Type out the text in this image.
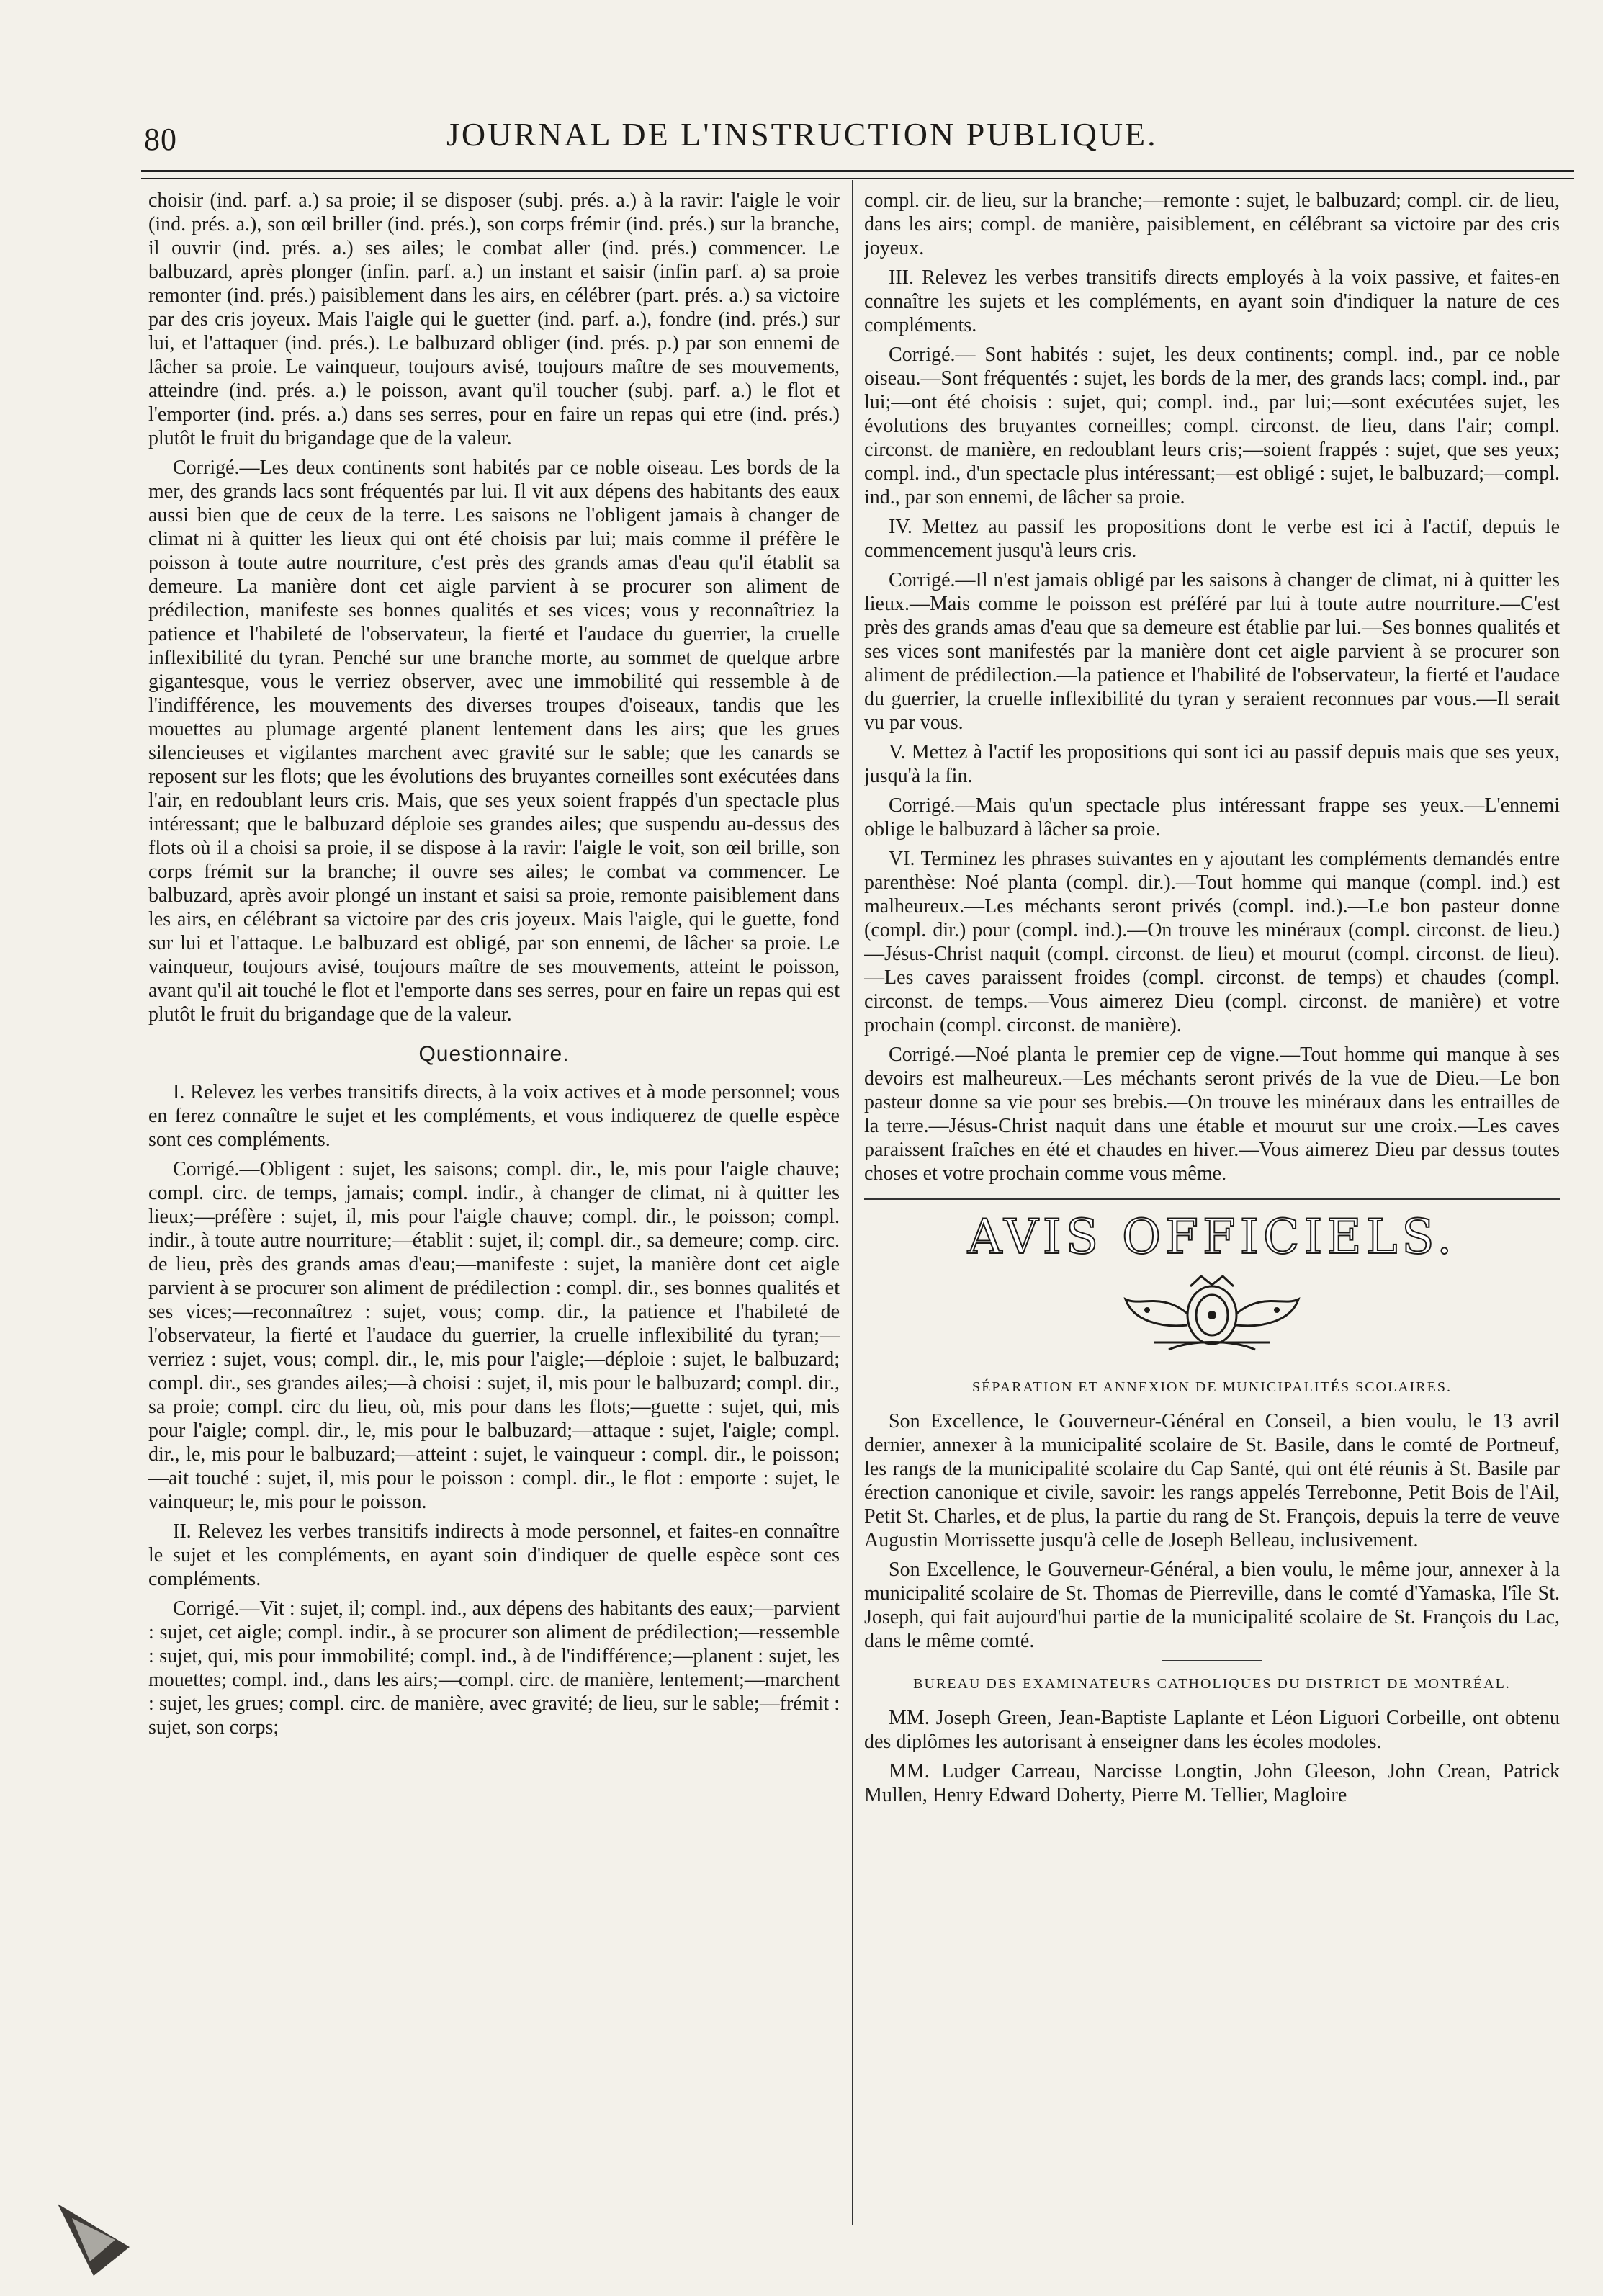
80	JOURNAL DE L'INSTRUCTION PUBLIQUE.

choisir (ind. parf. a.) sa proie; il se disposer (subj. prés. a.) à la ravir: l'aigle le voir (ind. prés. a.), son œil briller (ind. prés.), son corps frémir (ind. prés.) sur la branche, il ouvrir (ind. prés. a.) ses ailes; le combat aller (ind. prés.) commencer. Le balbuzard, après plonger (infin. parf. a.) un instant et saisir (infin parf. a) sa proie remonter (ind. prés.) paisiblement dans les airs, en célébrer (part. prés. a.) sa victoire par des cris joyeux. Mais l'aigle qui le guetter (ind. parf. a.), fondre (ind. prés.) sur lui, et l'attaquer (ind. prés.). Le balbuzard obliger (ind. prés. p.) par son ennemi de lâcher sa proie. Le vainqueur, toujours avisé, toujours maître de ses mouvements, atteindre (ind. prés. a.) le poisson, avant qu'il toucher (subj. parf. a.) le flot et l'emporter (ind. prés. a.) dans ses serres, pour en faire un repas qui etre (ind. prés.) plutôt le fruit du brigandage que de la valeur.

Corrigé.—Les deux continents sont habités par ce noble oiseau. Les bords de la mer, des grands lacs sont fréquentés par lui. Il vit aux dépens des habitants des eaux aussi bien que de ceux de la terre. Les saisons ne l'obligent jamais à changer de climat ni à quitter les lieux qui ont été choisis par lui; mais comme il préfère le poisson à toute autre nourriture, c'est près des grands amas d'eau qu'il établit sa demeure. La manière dont cet aigle parvient à se procurer son aliment de prédilection, manifeste ses bonnes qualités et ses vices; vous y reconnaîtriez la patience et l'habileté de l'observateur, la fierté et l'audace du guerrier, la cruelle inflexibilité du tyran. Penché sur une branche morte, au sommet de quelque arbre gigantesque, vous le verriez observer, avec une immobilité qui ressemble à de l'indifférence, les mouvements des diverses troupes d'oiseaux, tandis que les mouettes au plumage argenté planent lentement dans les airs; que les grues silencieuses et vigilantes marchent avec gravité sur le sable; que les canards se reposent sur les flots; que les évolutions des bruyantes corneilles sont exécutées dans l'air, en redoublant leurs cris. Mais, que ses yeux soient frappés d'un spectacle plus intéressant; que le balbuzard déploie ses grandes ailes; que suspendu au-dessus des flots où il a choisi sa proie, il se dispose à la ravir: l'aigle le voit, son œil brille, son corps frémit sur la branche; il ouvre ses ailes; le combat va commencer. Le balbuzard, après avoir plongé un instant et saisi sa proie, remonte paisiblement dans les airs, en célébrant sa victoire par des cris joyeux. Mais l'aigle, qui le guette, fond sur lui et l'attaque. Le balbuzard est obligé, par son ennemi, de lâcher sa proie. Le vainqueur, toujours avisé, toujours maître de ses mouvements, atteint le poisson, avant qu'il ait touché le flot et l'emporte dans ses serres, pour en faire un repas qui est plutôt le fruit du brigandage que de la valeur.

Questionnaire.

I. Relevez les verbes transitifs directs, à la voix actives et à mode personnel; vous en ferez connaître le sujet et les compléments, et vous indiquerez de quelle espèce sont ces compléments.

Corrigé.—Obligent : sujet, les saisons; compl. dir., le, mis pour l'aigle chauve; compl. circ. de temps, jamais; compl. indir., à changer de climat, ni à quitter les lieux;—préfère : sujet, il, mis pour l'aigle chauve; compl. dir., le poisson; compl. indir., à toute autre nourriture;—établit : sujet, il; compl. dir., sa demeure; comp. circ. de lieu, près des grands amas d'eau;—manifeste : sujet, la manière dont cet aigle parvient à se procurer son aliment de prédilection : compl. dir., ses bonnes qualités et ses vices;—reconnaîtrez : sujet, vous; comp. dir., la patience et l'habileté de l'observateur, la fierté et l'audace du guerrier, la cruelle inflexibilité du tyran;—verriez : sujet, vous; compl. dir., le, mis pour l'aigle;—déploie : sujet, le balbuzard; compl. dir., ses grandes ailes;—à choisi : sujet, il, mis pour le balbuzard; compl. dir., sa proie; compl. circ du lieu, où, mis pour dans les flots;—guette : sujet, qui, mis pour l'aigle; compl. dir., le, mis pour le balbuzard;—attaque : sujet, l'aigle; compl. dir., le, mis pour le balbuzard;—atteint : sujet, le vainqueur : compl. dir., le poisson;—ait touché : sujet, il, mis pour le poisson : compl. dir., le flot : emporte : sujet, le vainqueur; le, mis pour le poisson.

II. Relevez les verbes transitifs indirects à mode personnel, et faites-en connaître le sujet et les compléments, en ayant soin d'indiquer de quelle espèce sont ces compléments.

Corrigé.—Vit : sujet, il; compl. ind., aux dépens des habitants des eaux;—parvient : sujet, cet aigle; compl. indir., à se procurer son aliment de prédilection;—ressemble : sujet, qui, mis pour immobilité; compl. ind., à de l'indifférence;—planent : sujet, les mouettes; compl. ind., dans les airs;—compl. circ. de manière, lentement;—marchent : sujet, les grues; compl. circ. de manière, avec gravité; de lieu, sur le sable;—frémit : sujet, son corps;

compl. cir. de lieu, sur la branche;—remonte : sujet, le balbuzard; compl. cir. de lieu, dans les airs; compl. de manière, paisiblement, en célébrant sa victoire par des cris joyeux.

III. Relevez les verbes transitifs directs employés à la voix passive, et faites-en connaître les sujets et les compléments, en ayant soin d'indiquer la nature de ces compléments.

Corrigé.— Sont habités : sujet, les deux continents; compl. ind., par ce noble oiseau.—Sont fréquentés : sujet, les bords de la mer, des grands lacs; compl. ind., par lui;—ont été choisis : sujet, qui; compl. ind., par lui;—sont exécutées sujet, les évolutions des bruyantes corneilles; compl. circonst. de lieu, dans l'air; compl. circonst. de manière, en redoublant leurs cris;—soient frappés : sujet, que ses yeux; compl. ind., d'un spectacle plus intéressant;—est obligé : sujet, le balbuzard;—compl. ind., par son ennemi, de lâcher sa proie.

IV. Mettez au passif les propositions dont le verbe est ici à l'actif, depuis le commencement jusqu'à leurs cris.

Corrigé.—Il n'est jamais obligé par les saisons à changer de climat, ni à quitter les lieux.—Mais comme le poisson est préféré par lui à toute autre nourriture.—C'est près des grands amas d'eau que sa demeure est établie par lui.—Ses bonnes qualités et ses vices sont manifestés par la manière dont cet aigle parvient à se procurer son aliment de prédilection.—la patience et l'habilité de l'observateur, la fierté et l'audace du guerrier, la cruelle inflexibilité du tyran y seraient reconnues par vous.—Il serait vu par vous.

V. Mettez à l'actif les propositions qui sont ici au passif depuis mais que ses yeux, jusqu'à la fin.

Corrigé.—Mais qu'un spectacle plus intéressant frappe ses yeux.—L'ennemi oblige le balbuzard à lâcher sa proie.

VI. Terminez les phrases suivantes en y ajoutant les compléments demandés entre parenthèse: Noé planta (compl. dir.).—Tout homme qui manque (compl. ind.) est malheureux.—Les méchants seront privés (compl. ind.).—Le bon pasteur donne (compl. dir.) pour (compl. ind.).—On trouve les minéraux (compl. circonst. de lieu.)—Jésus-Christ naquit (compl. circonst. de lieu) et mourut (compl. circonst. de lieu).—Les caves paraissent froides (compl. circonst. de temps) et chaudes (compl. circonst. de temps.—Vous aimerez Dieu (compl. circonst. de manière) et votre prochain (compl. circonst. de manière).

Corrigé.—Noé planta le premier cep de vigne.—Tout homme qui manque à ses devoirs est malheureux.—Les méchants seront privés de la vue de Dieu.—Le bon pasteur donne sa vie pour ses brebis.—On trouve les minéraux dans les entrailles de la terre.—Jésus-Christ naquit dans une étable et mourut sur une croix.—Les caves paraissent fraîches en été et chaudes en hiver.—Vous aimerez Dieu par dessus toutes choses et votre prochain comme vous même.

AVIS OFFICIELS.
SÉPARATION ET ANNEXION DE MUNICIPALITÉS SCOLAIRES.

Son Excellence, le Gouverneur-Général en Conseil, a bien voulu, le 13 avril dernier, annexer à la municipalité scolaire de St. Basile, dans le comté de Portneuf, les rangs de la municipalité scolaire du Cap Santé, qui ont été réunis à St. Basile par érection canonique et civile, savoir: les rangs appelés Terrebonne, Petit Bois de l'Ail, Petit St. Charles, et de plus, la partie du rang de St. François, depuis la terre de veuve Augustin Morrissette jusqu'à celle de Joseph Belleau, inclusivement.

Son Excellence, le Gouverneur-Général, a bien voulu, le même jour, annexer à la municipalité scolaire de St. Thomas de Pierreville, dans le comté d'Yamaska, l'île St. Joseph, qui fait aujourd'hui partie de la municipalité scolaire de St. François du Lac, dans le même comté.

BUREAU DES EXAMINATEURS CATHOLIQUES DU DISTRICT DE MONTRÉAL.

MM. Joseph Green, Jean-Baptiste Laplante et Léon Liguori Corbeille, ont obtenu des diplômes les autorisant à enseigner dans les écoles modoles.

MM. Ludger Carreau, Narcisse Longtin, John Gleeson, John Crean, Patrick Mullen, Henry Edward Doherty, Pierre M. Tellier, Magloire
